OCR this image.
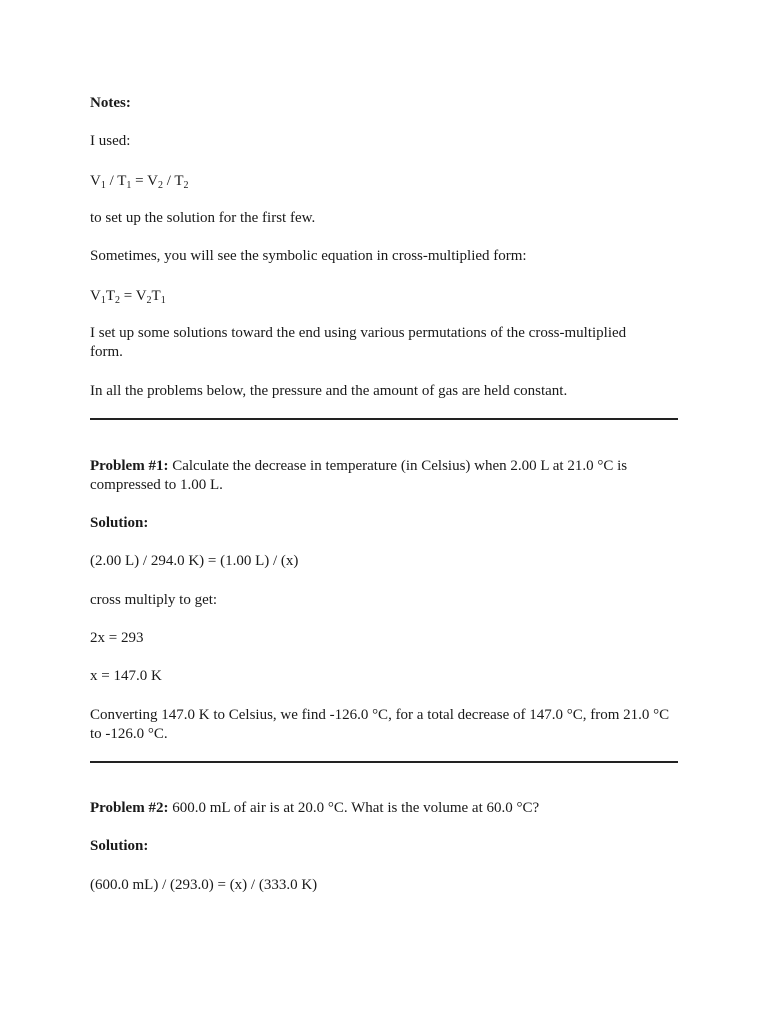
Notes:
I used:
$V_1 / T_1 = V_2 / T_2$
to set up the solution for the first few.
Sometimes, you will see the symbolic equation in cross-multiplied form:
$V_1T_2 = V_2T_1$
I set up some solutions toward the end using various permutations of the cross-multiplied form.
In all the problems below, the pressure and the amount of gas are held constant.
Problem #1: Calculate the decrease in temperature (in Celsius) when 2.00 L at 21.0 °C is compressed to 1.00 L.
Solution:
(2.00 L) / 294.0 K) = (1.00 L) / (x)
cross multiply to get:
2x = 293
x = 147.0 K
Converting 147.0 K to Celsius, we find -126.0 °C, for a total decrease of 147.0 °C, from 21.0 °C to -126.0 °C.
Problem #2: 600.0 mL of air is at 20.0 °C. What is the volume at 60.0 °C?
Solution:
(600.0 mL) / (293.0) = (x) / (333.0 K)
